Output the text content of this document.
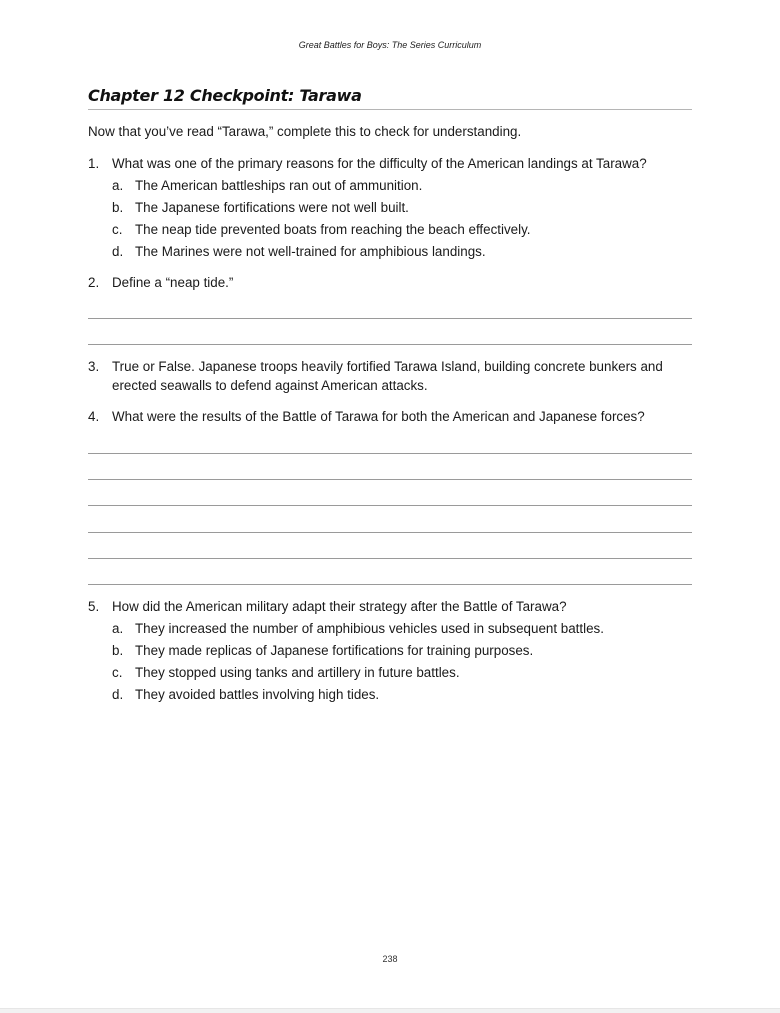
Great Battles for Boys: The Series Curriculum
Chapter 12 Checkpoint: Tarawa
Now that you’ve read “Tarawa,” complete this to check for understanding.
1. What was one of the primary reasons for the difficulty of the American landings at Tarawa?
a. The American battleships ran out of ammunition.
b. The Japanese fortifications were not well built.
c. The neap tide prevented boats from reaching the beach effectively.
d. The Marines were not well-trained for amphibious landings.
2. Define a “neap tide.”
3. True or False. Japanese troops heavily fortified Tarawa Island, building concrete bunkers and erected seawalls to defend against American attacks.
4. What were the results of the Battle of Tarawa for both the American and Japanese forces?
5. How did the American military adapt their strategy after the Battle of Tarawa?
a. They increased the number of amphibious vehicles used in subsequent battles.
b. They made replicas of Japanese fortifications for training purposes.
c. They stopped using tanks and artillery in future battles.
d. They avoided battles involving high tides.
238
